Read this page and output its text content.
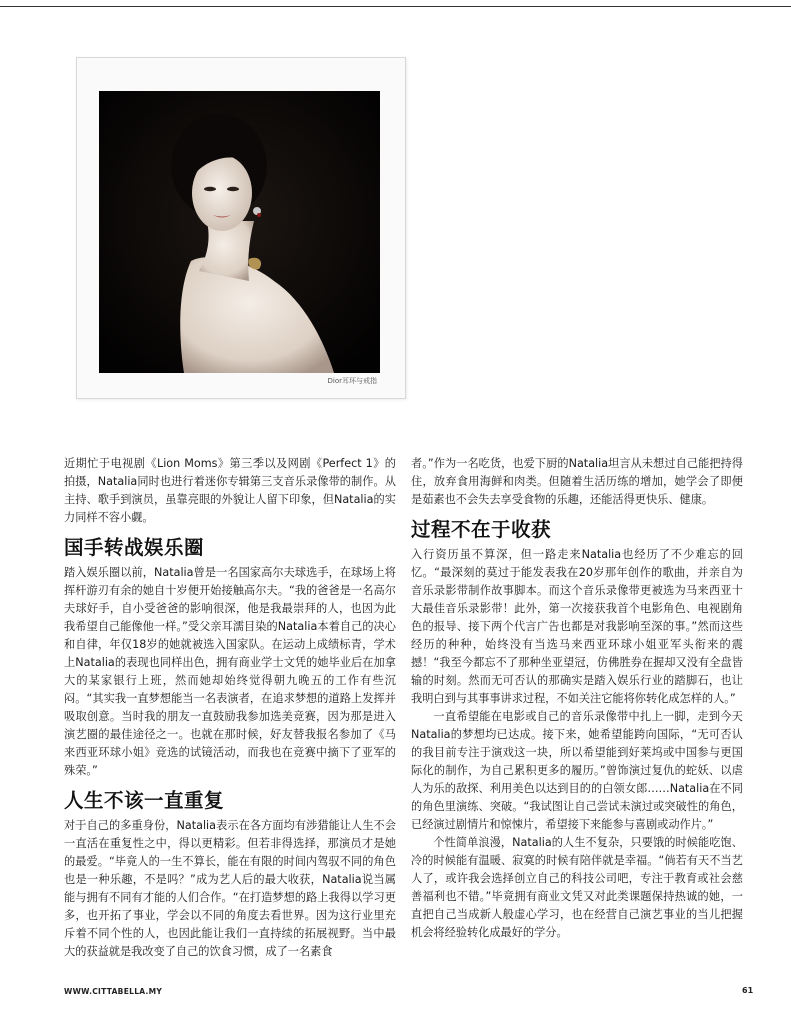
Dior耳环与戒指

近期忙于电视剧《Lion Moms》第三季以及网剧《Perfect 1》的拍摄，Natalia同时也进行着迷你专辑第三支音乐录像带的制作。从主持、歌手到演员，虽靠亮眼的外貌让人留下印象，但Natalia的实力同样不容小觑。

国手转战娱乐圈

踏入娱乐圈以前，Natalia曾是一名国家高尔夫球选手，在球场上将挥杆游刃有余的她自十岁便开始接触高尔夫。“我的爸爸是一名高尔夫球好手，自小受爸爸的影响很深，他是我最崇拜的人，也因为此我希望自己能像他一样。”受父亲耳濡目染的Natalia本着自己的决心和自律，年仅18岁的她就被选入国家队。在运动上成绩标青，学术上Natalia的表现也同样出色，拥有商业学士文凭的她毕业后在加拿大的某家银行上班，然而她却始终觉得朝九晚五的工作有些沉闷。“其实我一直梦想能当一名表演者，在追求梦想的道路上发挥并吸取创意。当时我的朋友一直鼓励我参加选美竞赛，因为那是进入演艺圈的最佳途径之一。也就在那时候，好友替我报名参加了《马来西亚环球小姐》竞选的试镜活动，而我也在竞赛中摘下了亚军的殊荣。”

人生不该一直重复

对于自己的多重身份，Natalia表示在各方面均有涉猎能让人生不会一直活在重复性之中，得以更精彩。但若非得选择，那演员才是她的最爱。“毕竟人的一生不算长，能在有限的时间内驾驭不同的角色也是一种乐趣，不是吗？”成为艺人后的最大收获，Natalia说当属能与拥有不同有才能的人们合作。“在打造梦想的路上我得以学习更多，也开拓了事业，学会以不同的角度去看世界。因为这行业里充斥着不同个性的人，也因此能让我们一直持续的拓展视野。当中最大的获益就是我改变了自己的饮食习惯，成了一名素食

者。”作为一名吃货，也爱下厨的Natalia坦言从未想过自己能把持得住，放弃食用海鲜和肉类。但随着生活历练的增加，她学会了即便是茹素也不会失去享受食物的乐趣，还能活得更快乐、健康。

过程不在于收获

入行资历虽不算深，但一路走来Natalia也经历了不少难忘的回忆。“最深刻的莫过于能发表我在20岁那年创作的歌曲，并亲自为音乐录影带制作故事脚本。而这个音乐录像带更被选为马来西亚十大最佳音乐录影带！此外，第一次接获我首个电影角色、电视剧角色的报导、接下两个代言广告也都是对我影响至深的事。”然而这些经历的种种，始终没有当选马来西亚环球小姐亚军头衔来的震撼！“我至今都忘不了那种坐亚望冠，仿佛胜券在握却又没有全盘皆输的时刻。然而无可否认的那确实是踏入娱乐行业的踏脚石，也让我明白到与其事事讲求过程，不如关注它能将你转化成怎样的人。”

一直希望能在电影或自己的音乐录像带中扎上一脚，走到今天Natalia的梦想均已达成。接下来，她希望能跨向国际，“无可否认的我目前专注于演戏这一块，所以希望能到好莱坞或中国参与更国际化的制作，为自己累积更多的履历。”曾饰演过复仇的蛇妖、以虐人为乐的敌探、利用美色以达到目的的白领女郎……Natalia在不同的角色里演练、突破。“我试图让自己尝试未演过或突破性的角色，已经演过剧情片和惊悚片，希望接下来能参与喜剧或动作片。”

个性简单浪漫，Natalia的人生不复杂，只要饿的时候能吃饱、冷的时候能有温暖、寂寞的时候有陪伴就是幸福。“倘若有天不当艺人了，或许我会选择创立自己的科技公司吧，专注于教育或社会慈善福利也不错。”毕竟拥有商业文凭又对此类课题保持热诚的她，一直把自己当成新人般虚心学习，也在经营自己演艺事业的当儿把握机会将经验转化成最好的学分。

WWW.CITTABELLA.MY	61
